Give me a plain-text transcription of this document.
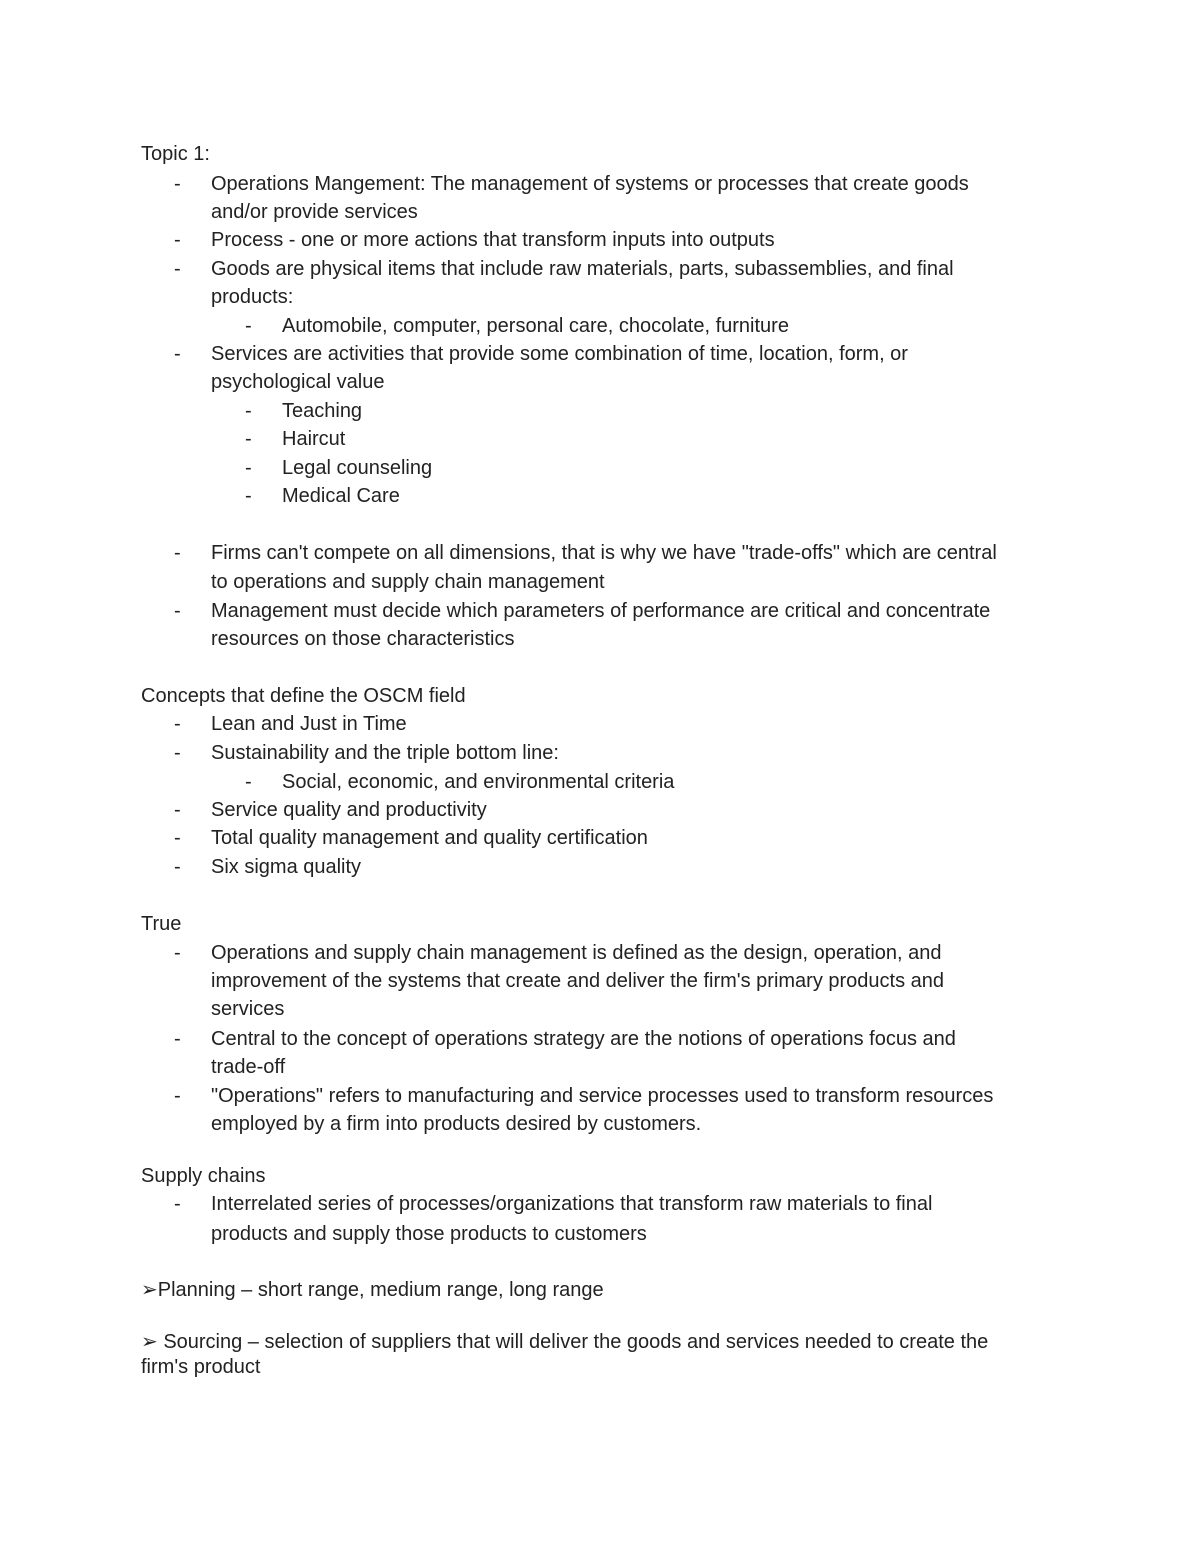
Topic 1:
- Operations Mangement: The management of systems or processes that create goods
and/or provide services
- Process - one or more actions that transform inputs into outputs
- Goods are physical items that include raw materials, parts, subassemblies, and final
products:
- Automobile, computer, personal care, chocolate, furniture
- Services are activities that provide some combination of time, location, form, or
psychological value
- Teaching
- Haircut
- Legal counseling
- Medical Care
- Firms can't compete on all dimensions, that is why we have "trade-offs" which are central
to operations and supply chain management
- Management must decide which parameters of performance are critical and concentrate
resources on those characteristics
Concepts that define the OSCM field
- Lean and Just in Time
- Sustainability and the triple bottom line:
- Social, economic, and environmental criteria
- Service quality and productivity
- Total quality management and quality certification
- Six sigma quality
True
- Operations and supply chain management is defined as the design, operation, and
improvement of the systems that create and deliver the firm's primary products and
services
- Central to the concept of operations strategy are the notions of operations focus and
trade-off
- "Operations" refers to manufacturing and service processes used to transform resources
employed by a firm into products desired by customers.
Supply chains
- Interrelated series of processes/organizations that transform raw materials to final
products and supply those products to customers
➢Planning – short range, medium range, long range
➢ Sourcing – selection of suppliers that will deliver the goods and services needed to create the
firm's product
